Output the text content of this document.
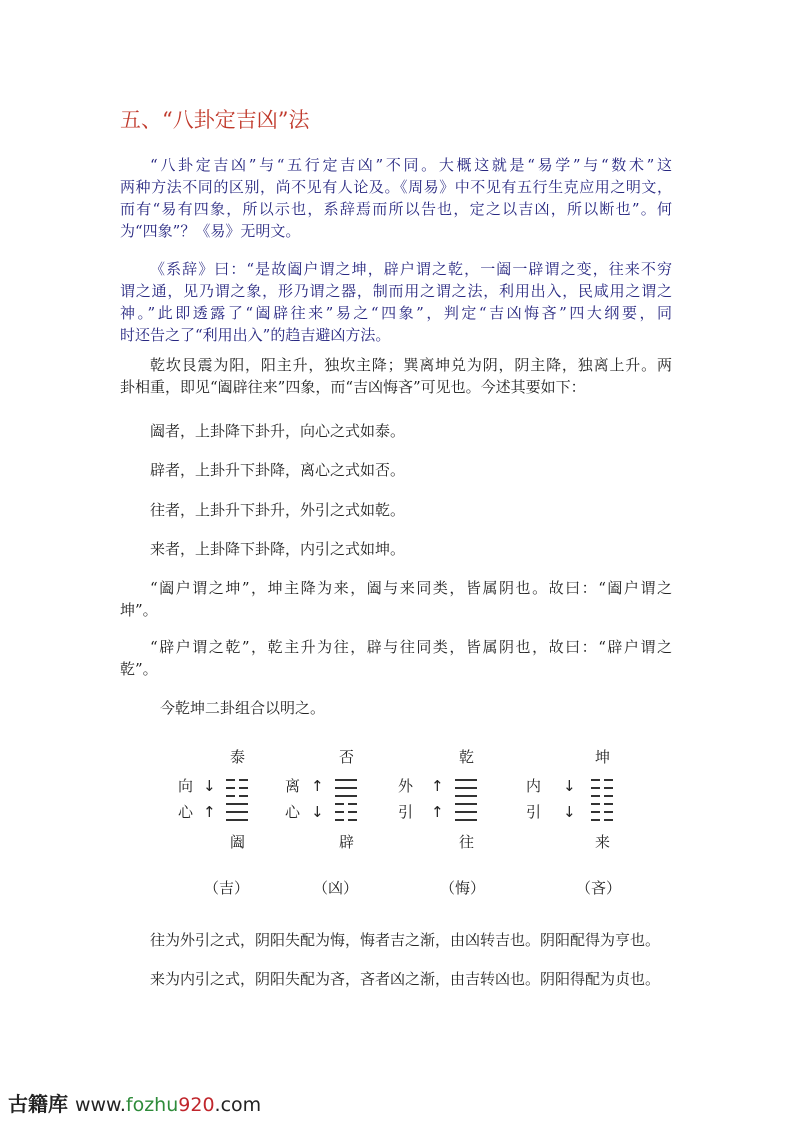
五、“八卦定吉凶”法
“八卦定吉凶”与“五行定吉凶”不同。大概这就是“易学”与“数术”这
两种方法不同的区别，尚不见有人论及。《周易》中不见有五行生克应用之明文，
而有“易有四象，所以示也，系辞焉而所以告也，定之以吉凶，所以断也”。何
为“四象”？《易》无明文。
《系辞》曰：“是故阖户谓之坤，辟户谓之乾，一阖一辟谓之变，往来不穷
谓之通，见乃谓之象，形乃谓之器，制而用之谓之法，利用出入，民咸用之谓之
神。”此即透露了“阖辟往来”易之“四象”，判定“吉凶悔吝”四大纲要，同
时还告之了“利用出入”的趋吉避凶方法。
乾坎艮震为阳，阳主升，独坎主降；巽离坤兑为阴，阴主降，独离上升。两
卦相重，即见“阖辟往来”四象，而“吉凶悔吝”可见也。今述其要如下：
阖者，上卦降下卦升，向心之式如泰。
辟者，上卦升下卦降，离心之式如否。
往者，上卦升下卦升，外引之式如乾。
来者，上卦降下卦降，内引之式如坤。
“阖户谓之坤”，坤主降为来，阖与来同类，皆属阴也。故曰：“阖户谓之
坤”。
“辟户谓之乾”，乾主升为往，辟与往同类，皆属阴也，故曰：“辟户谓之
乾”。
今乾坤二卦组合以明之。
泰
向
心
↓
↑
阖
（吉）
否
离
心
↑
↓
辟
（凶）
乾
外
引
↑
↑
往
（悔）
坤
内
引
↓
↓
来
（吝）
往为外引之式，阴阳失配为悔，悔者吉之渐，由凶转吉也。阴阳配得为亨也。
来为内引之式，阴阳失配为吝，吝者凶之渐，由吉转凶也。阴阳得配为贞也。
古籍库 www.fozhu920.com
